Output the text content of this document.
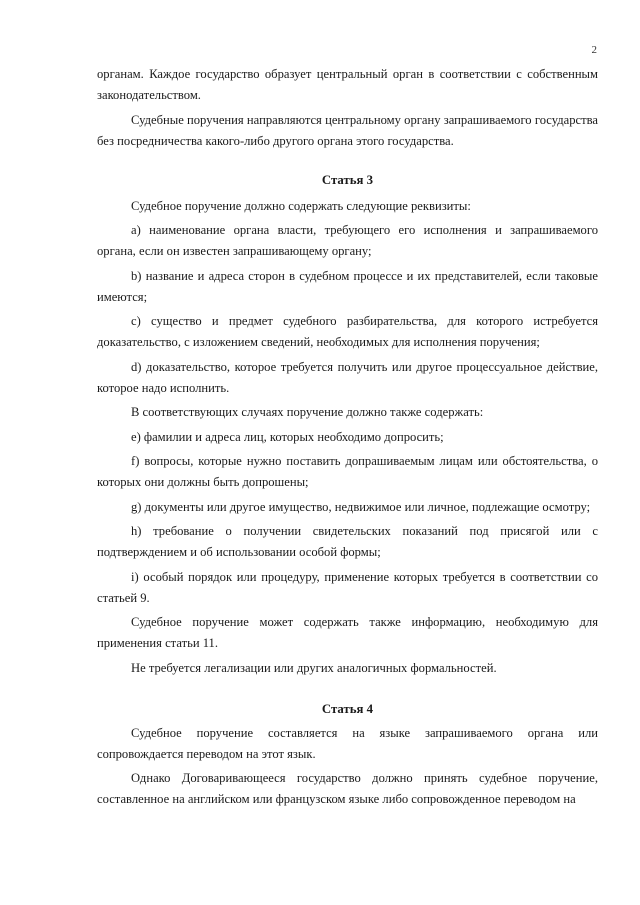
2

органам. Каждое государство образует центральный орган в соответствии с собственным законодательством.

Судебные поручения направляются центральному органу запрашиваемого государства без посредничества какого-либо другого органа этого государства.

Статья 3

Судебное поручение должно содержать следующие реквизиты:

а) наименование органа власти, требующего его исполнения и запрашиваемого органа, если он известен запрашивающему органу;

b) название и адреса сторон в судебном процессе и их представителей, если таковые имеются;

с) существо и предмет судебного разбирательства, для которого истребуется доказательство, с изложением сведений, необходимых для исполнения поручения;

d) доказательство, которое требуется получить или другое процессуальное действие, которое надо исполнить.

В соответствующих случаях поручение должно также содержать:

е) фамилии и адреса лиц, которых необходимо допросить;

f) вопросы, которые нужно поставить допрашиваемым лицам или обстоятельства, о которых они должны быть допрошены;

g) документы или другое имущество, недвижимое или личное, подлежащие осмотру;

h) требование о получении свидетельских показаний под присягой или с подтверждением и об использовании особой формы;

i) особый порядок или процедуру, применение которых требуется в соответствии со статьей 9.

Судебное поручение может содержать также информацию, необходимую для применения статьи 11.

Не требуется легализации или других аналогичных формальностей.

Статья 4

Судебное поручение составляется на языке запрашиваемого органа или сопровождается переводом на этот язык.

Однако Договаривающееся государство должно принять судебное поручение, составленное на английском или французском языке либо сопровожденное переводом на
